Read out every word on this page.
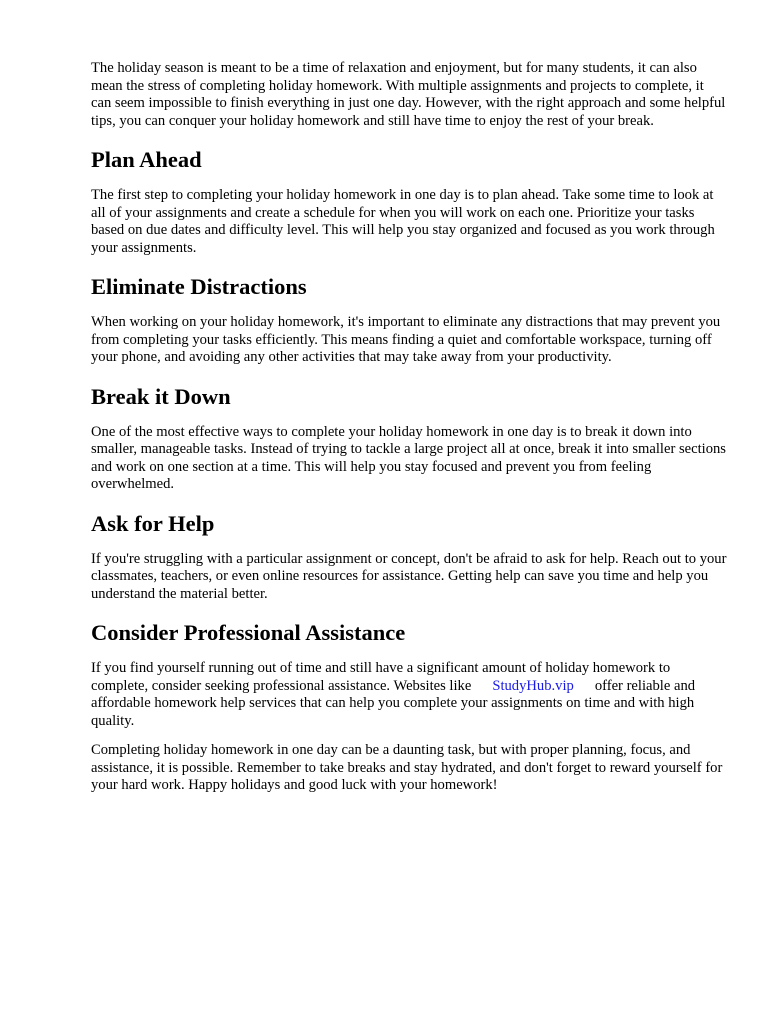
The holiday season is meant to be a time of relaxation and enjoyment, but for many students, it can also mean the stress of completing holiday homework. With multiple assignments and projects to complete, it can seem impossible to finish everything in just one day. However, with the right approach and some helpful tips, you can conquer your holiday homework and still have time to enjoy the rest of your break.

Plan Ahead

The first step to completing your holiday homework in one day is to plan ahead. Take some time to look at all of your assignments and create a schedule for when you will work on each one. Prioritize your tasks based on due dates and difficulty level. This will help you stay organized and focused as you work through your assignments.

Eliminate Distractions

When working on your holiday homework, it's important to eliminate any distractions that may prevent you from completing your tasks efficiently. This means finding a quiet and comfortable workspace, turning off your phone, and avoiding any other activities that may take away from your productivity.

Break it Down

One of the most effective ways to complete your holiday homework in one day is to break it down into smaller, manageable tasks. Instead of trying to tackle a large project all at once, break it into smaller sections and work on one section at a time. This will help you stay focused and prevent you from feeling overwhelmed.

Ask for Help

If you're struggling with a particular assignment or concept, don't be afraid to ask for help. Reach out to your classmates, teachers, or even online resources for assistance. Getting help can save you time and help you understand the material better.

Consider Professional Assistance

If you find yourself running out of time and still have a significant amount of holiday homework to complete, consider seeking professional assistance. Websites like StudyHub.vip offer reliable and affordable homework help services that can help you complete your assignments on time and with high quality.

Completing holiday homework in one day can be a daunting task, but with proper planning, focus, and assistance, it is possible. Remember to take breaks and stay hydrated, and don't forget to reward yourself for your hard work. Happy holidays and good luck with your homework!
